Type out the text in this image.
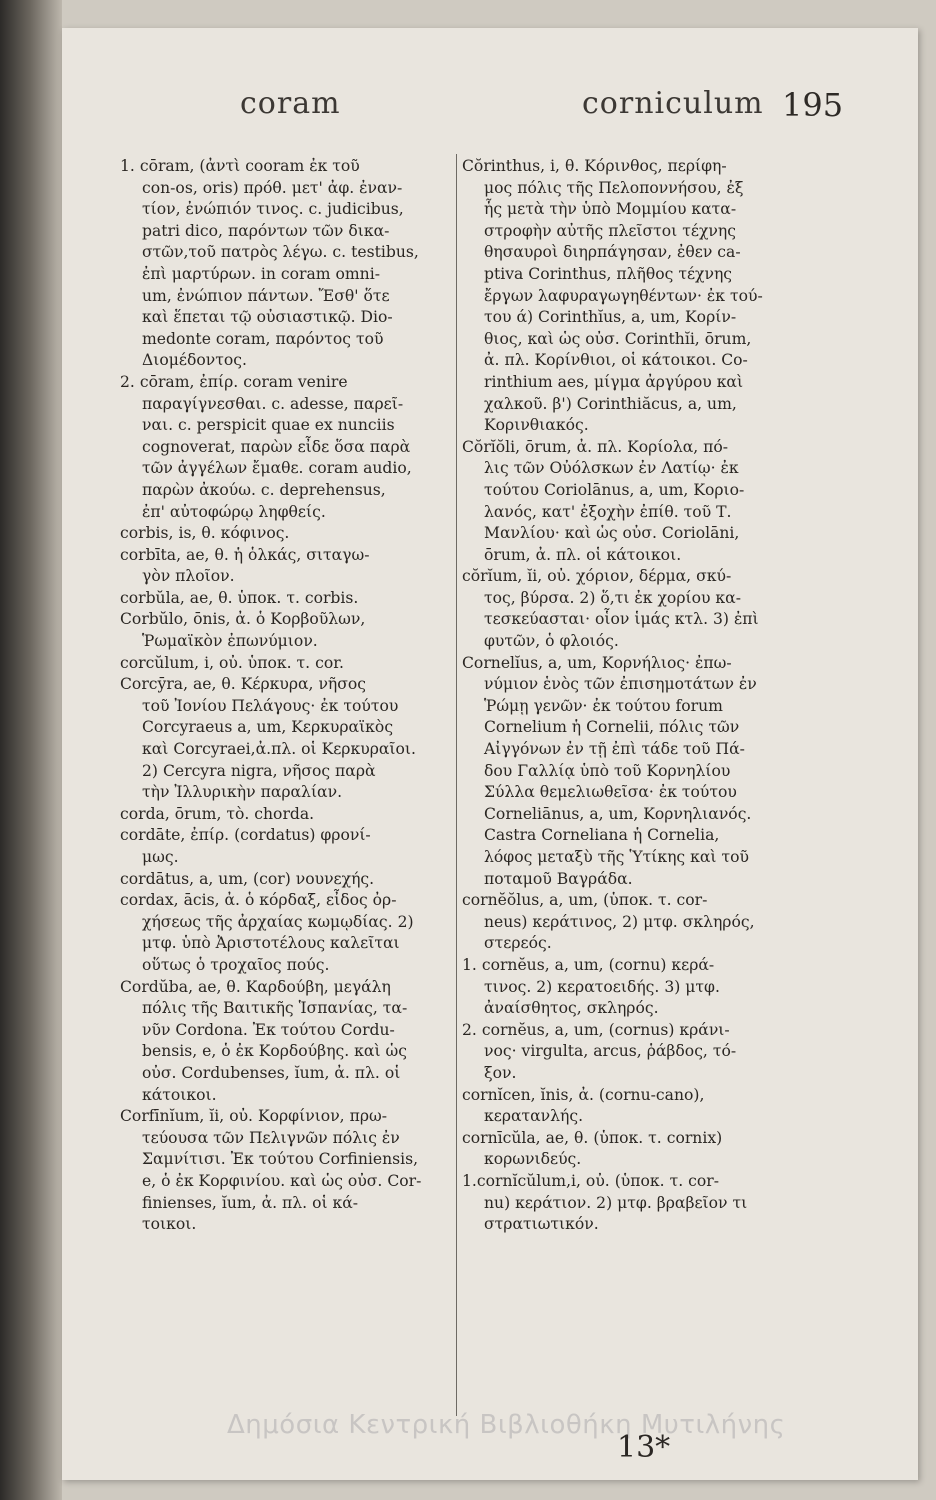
coram	corniculum 195
1. cōram, (ἀντὶ cooram ἐκ τοῦ
con-os, oris) πρόθ. μετ' ἀφ. ἐναν-
τίον, ἐνώπιόν τινος. c. judicibus,
patri dico, παρόντων τῶν δικα-
στῶν,τοῦ πατρὸς λέγω. c. testibus,
ἐπὶ μαρτύρων. in coram omni-
um, ἐνώπιον πάντων. Ἔσθ' ὅτε
καὶ ἕπεται τῷ οὐσιαστικῷ. Dio-
medonte coram, παρόντος τοῦ
Διομέδοντος.
2. cōram, ἐπίρ. coram venire
παραγίγνεσθαι. c. adesse, παρεῖ-
ναι. c. perspicit quae ex nunciis
cognoverat, παρὼν εἶδε ὅσα παρὰ
τῶν ἀγγέλων ἔμαθε. coram audio,
παρὼν ἀκούω. c. deprehensus,
ἐπ' αὐτοφώρῳ ληφθείς.
corbis, is, θ. κόφινος.
corbīta, ae, θ. ἡ ὁλκάς, σιταγω-
γὸν πλοῖον.
corbŭla, ae, θ. ὑποκ. τ. corbis.
Corbŭlo, ōnis, ἀ. ὁ Κορβοῦλων,
Ῥωμαϊκὸν ἐπωνύμιον.
corcŭlum, i, οὐ. ὑποκ. τ. cor.
Corcȳra, ae, θ. Κέρκυρα, νῆσος
τοῦ Ἰονίου Πελάγους· ἐκ τούτου
Corcyraeus a, um, Κερκυραϊκὸς
καὶ Corcyraei,ἀ.πλ. οἱ Κερκυραῖοι.
2) Cercyra nigra, νῆσος παρὰ
τὴν Ἰλλυρικὴν παραλίαν.
corda, ōrum, τὸ. chorda.
cordāte, ἐπίρ. (cordatus) φρονί-
μως.
cordātus, a, um, (cor) νουνεχής.
cordax, ācis, ἀ. ὁ κόρδαξ, εἶδος ὀρ-
χήσεως τῆς ἀρχαίας κωμῳδίας. 2)
μτφ. ὑπὸ Ἀριστοτέλους καλεῖται
οὕτως ὁ τροχαῖος πούς.
Cordŭba, ae, θ. Καρδούβη, μεγάλη
πόλις τῆς Βαιτικῆς Ἱσπανίας, τα-
νῦν Cordona. Ἐκ τούτου Cordu-
bensis, e, ὁ ἐκ Κορδούβης. καὶ ὡς
οὐσ. Cordubenses, ĭum, ἀ. πλ. οἱ
κάτοικοι.
Corfīnĭum, ĭi, οὐ. Κορφίνιον, πρω-
τεύουσα τῶν Πελιγνῶν πόλις ἐν
Σαμνίτισι. Ἐκ τούτου Corfiniensis,
e, ὁ ἐκ Κορφινίου. καὶ ὡς οὐσ. Cor-
finienses, ĭum, ἀ. πλ. οἱ κά-
τοικοι.
Cŏrinthus, i, θ. Κόρινθος, περίφη-
μος πόλις τῆς Πελοποννήσου, ἐξ
ἧς μετὰ τὴν ὑπὸ Μομμίου κατα-
στροφὴν αὐτῆς πλεῖστοι τέχνης
θησαυροὶ διηρπάγησαν, ἐθεν ca-
ptiva Corinthus, πλῆθος τέχνης
ἔργων λαφυραγωγηθέντων· ἐκ τού-
του ά) Corinthĭus, a, um, Κορίν-
θιος, καὶ ὡς οὐσ. Corinthĭi, ōrum,
ἀ. πλ. Κορίνθιοι, οἱ κάτοικοι. Co-
rinthium aes, μίγμα ἀργύρου καὶ
χαλκοῦ. β') Corinthiăcus, a, um,
Κορινθιακός.
Cŏrĭŏli, ōrum, ἀ. πλ. Κορίολα, πό-
λις τῶν Οὐόλσκων ἐν Λατίῳ· ἐκ
τούτου Coriolānus, a, um, Κοριο-
λανός, κατ' ἐξοχὴν ἐπίθ. τοῦ Τ.
Μανλίου· καὶ ὡς οὐσ. Coriolāni,
ōrum, ἀ. πλ. οἱ κάτοικοι.
cŏrĭum, ĭi, οὐ. χόριον, δέρμα, σκύ-
τος, βύρσα. 2) ὅ,τι ἐκ χορίου κα-
τεσκεύασται· οἷον ἱμάς κτλ. 3) ἐπὶ
φυτῶν, ὁ φλοιός.
Cornelĭus, a, um, Κορνήλιος· ἐπω-
νύμιον ἑνὸς τῶν ἐπισημοτάτων ἐν
Ῥώμῃ γενῶν· ἐκ τούτου forum
Cornelium ἡ Cornelii, πόλις τῶν
Αἰγγόνων ἐν τῇ ἐπὶ τάδε τοῦ Πά-
δου Γαλλίᾳ ὑπὸ τοῦ Κορνηλίου
Σύλλα θεμελιωθεῖσα· ἐκ τούτου
Corneliānus, a, um, Κορνηλιανός.
Castra Corneliana ἡ Cornelia,
λόφος μεταξὺ τῆς Ὑτίκης καὶ τοῦ
ποταμοῦ Βαγράδα.
cornĕŏlus, a, um, (ὑποκ. τ. cor-
neus) κεράτινος, 2) μτφ. σκληρός,
στερεός.
1. cornĕus, a, um, (cornu) κερά-
τινος. 2) κερατοειδής. 3) μτφ.
ἀναίσθητος, σκληρός.
2. cornĕus, a, um, (cornus) κράνι-
νος· virgulta, arcus, ῥάβδος, τό-
ξον.
cornĭcen, ĭnis, ἀ. (cornu-cano),
κερατανλής.
cornīcŭla, ae, θ. (ὑποκ. τ. cornix)
κορωνιδεύς.
1.cornĭcŭlum,i, οὐ. (ὑποκ. τ. cor-
nu) κεράτιον. 2) μτφ. βραβεῖον τι
στρατιωτικόν.
Δημόσια Κεντρική Βιβλιοθήκη Μυτιλήνης
13*
